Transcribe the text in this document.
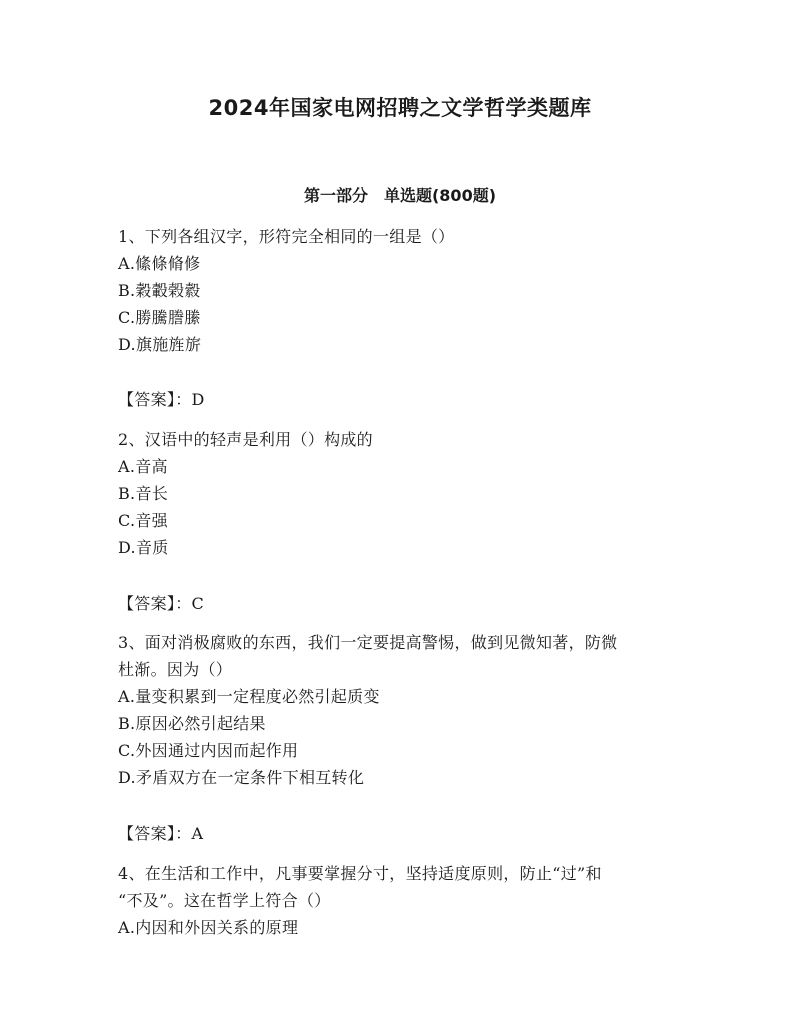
2024年国家电网招聘之文学哲学类题库
第一部分　单选题(800题)
1、下列各组汉字，形符完全相同的一组是（）
A.絛條脩修
B.穀轂榖縠
C.勝騰謄縢
D.旗施旌旂
【答案】：D
2、汉语中的轻声是利用（）构成的
A.音高
B.音长
C.音强
D.音质
【答案】：C
3、面对消极腐败的东西，我们一定要提高警惕，做到见微知著，防微
杜渐。因为（）
A.量变积累到一定程度必然引起质变
B.原因必然引起结果
C.外因通过内因而起作用
D.矛盾双方在一定条件下相互转化
【答案】：A
4、在生活和工作中，凡事要掌握分寸，坚持适度原则，防止“过”和
“不及”。这在哲学上符合（）
A.内因和外因关系的原理
